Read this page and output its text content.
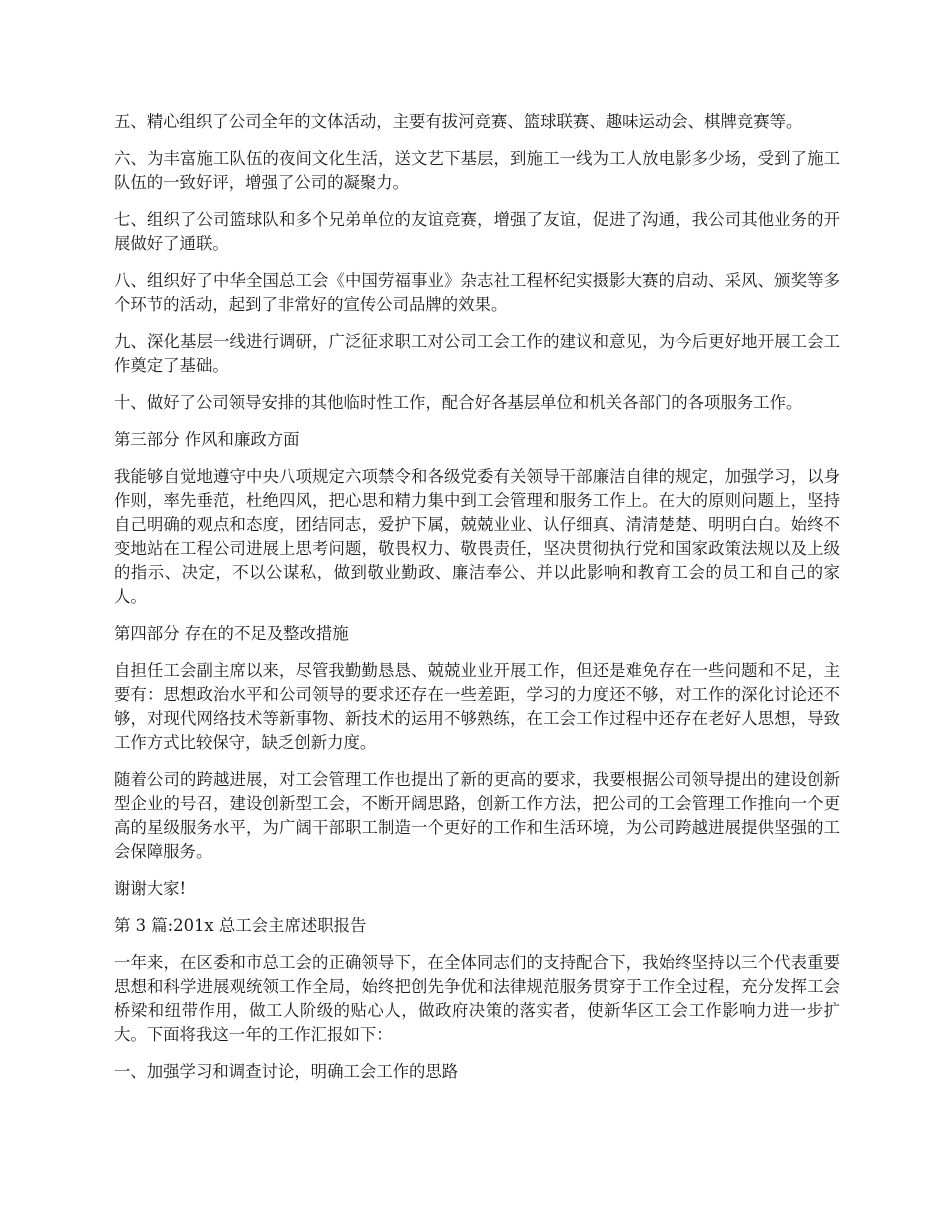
五、精心组织了公司全年的文体活动，主要有拔河竞赛、篮球联赛、趣味运动会、棋牌竞赛等。

六、为丰富施工队伍的夜间文化生活，送文艺下基层，到施工一线为工人放电影多少场，受到了施工队伍的一致好评，增强了公司的凝聚力。

七、组织了公司篮球队和多个兄弟单位的友谊竞赛，增强了友谊，促进了沟通，我公司其他业务的开展做好了通联。

八、组织好了中华全国总工会《中国劳福事业》杂志社工程杯纪实摄影大赛的启动、采风、颁奖等多个环节的活动，起到了非常好的宣传公司品牌的效果。

九、深化基层一线进行调研，广泛征求职工对公司工会工作的建议和意见，为今后更好地开展工会工作奠定了基础。

十、做好了公司领导安排的其他临时性工作，配合好各基层单位和机关各部门的各项服务工作。

第三部分 作风和廉政方面

我能够自觉地遵守中央八项规定六项禁令和各级党委有关领导干部廉洁自律的规定，加强学习，以身作则，率先垂范，杜绝四风，把心思和精力集中到工会管理和服务工作上。在大的原则问题上，坚持自己明确的观点和态度，团结同志，爱护下属，兢兢业业、认仔细真、清清楚楚、明明白白。始终不变地站在工程公司进展上思考问题，敬畏权力、敬畏责任，坚决贯彻执行党和国家政策法规以及上级的指示、决定，不以公谋私，做到敬业勤政、廉洁奉公、并以此影响和教育工会的员工和自己的家人。

第四部分 存在的不足及整改措施

自担任工会副主席以来，尽管我勤勤恳恳、兢兢业业开展工作，但还是难免存在一些问题和不足，主要有：思想政治水平和公司领导的要求还存在一些差距，学习的力度还不够，对工作的深化讨论还不够，对现代网络技术等新事物、新技术的运用不够熟练，在工会工作过程中还存在老好人思想，导致工作方式比较保守，缺乏创新力度。

随着公司的跨越进展，对工会管理工作也提出了新的更高的要求，我要根据公司领导提出的建设创新型企业的号召，建设创新型工会，不断开阔思路，创新工作方法，把公司的工会管理工作推向一个更高的星级服务水平，为广阔干部职工制造一个更好的工作和生活环境，为公司跨越进展提供坚强的工会保障服务。

谢谢大家!

第 3 篇:201x 总工会主席述职报告

一年来，在区委和市总工会的正确领导下，在全体同志们的支持配合下，我始终坚持以三个代表重要思想和科学进展观统领工作全局，始终把创先争优和法律规范服务贯穿于工作全过程，充分发挥工会桥梁和纽带作用，做工人阶级的贴心人，做政府决策的落实者，使新华区工会工作影响力进一步扩大。下面将我这一年的工作汇报如下：

一、加强学习和调查讨论，明确工会工作的思路
